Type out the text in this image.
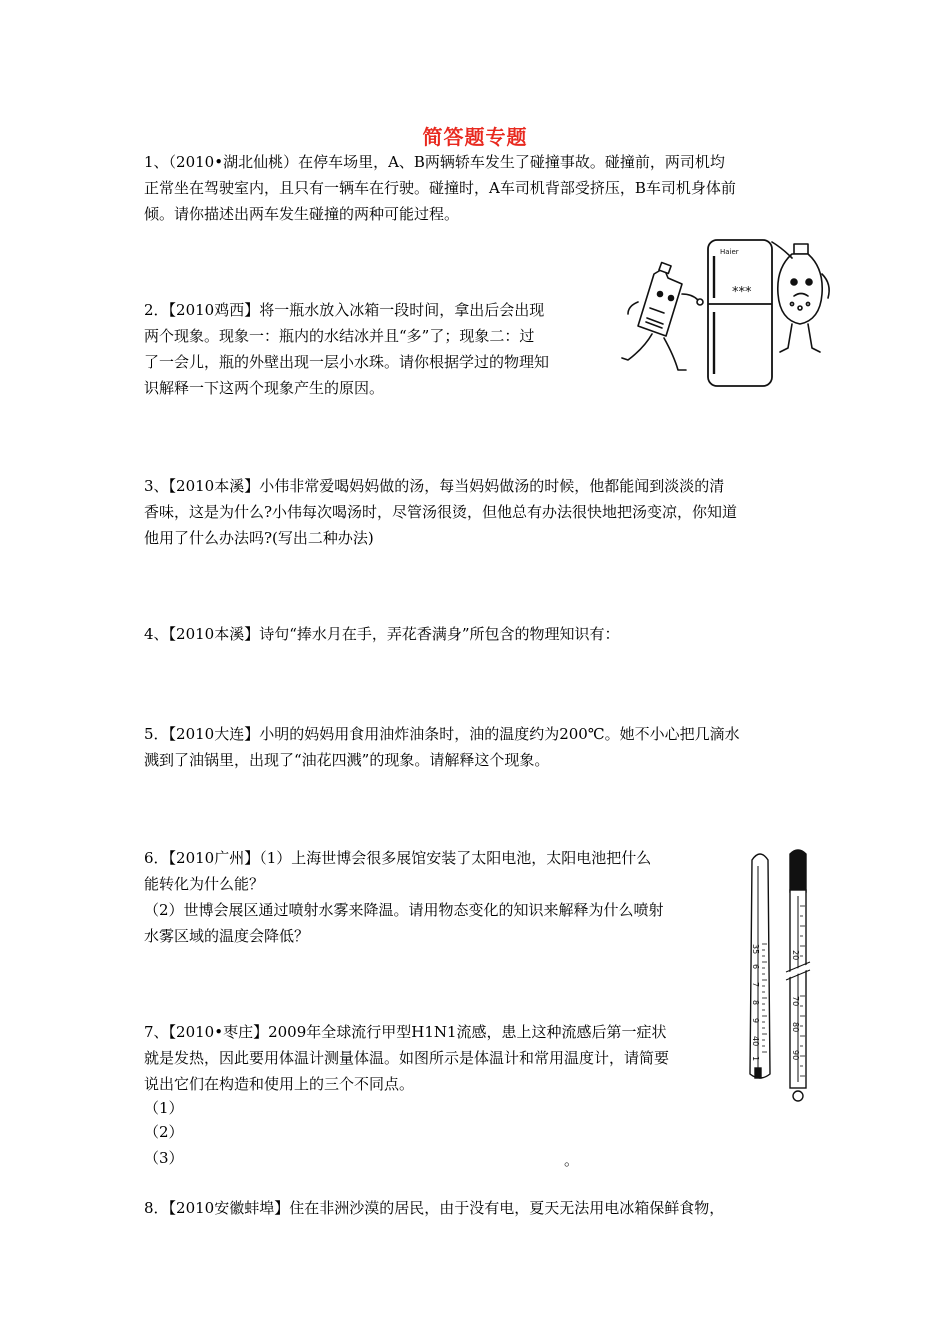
简答题专题
1、（2010•湖北仙桃）在停车场里，A、B两辆轿车发生了碰撞事故。碰撞前，两司机均
正常坐在驾驶室内，且只有一辆车在行驶。碰撞时，A车司机背部受挤压，B车司机身体前
倾。请你描述出两车发生碰撞的两种可能过程。
2．【2010鸡西】将一瓶水放入冰箱一段时间，拿出后会出现
两个现象。现象一：瓶内的水结冰并且“多”了；现象二：过
了一会儿，瓶的外壁出现一层小水珠。请你根据学过的物理知
识解释一下这两个现象产生的原因。
Haier
***
3、【2010本溪】小伟非常爱喝妈妈做的汤，每当妈妈做汤的时候，他都能闻到淡淡的清
香味，这是为什么?小伟每次喝汤时，尽管汤很烫，但他总有办法很快地把汤变凉，你知道
他用了什么办法吗?(写出二种办法)
4、【2010本溪】诗句“捧水月在手，弄花香满身”所包含的物理知识有：
5．【2010大连】小明的妈妈用食用油炸油条时，油的温度约为200℃。她不小心把几滴水
溅到了油锅里，出现了“油花四溅”的现象。请解释这个现象。
6．【2010广州】（1）上海世博会很多展馆安装了太阳电池，太阳电池把什么
能转化为什么能？
（2）世博会展区通过喷射水雾来降温。请用物态变化的知识来解释为什么喷射
水雾区域的温度会降低？
35
6
7
8
9
40
1
20
70
80
90
7、【2010•枣庄】2009年全球流行甲型H1N1流感，患上这种流感后第一症状
就是发热，因此要用体温计测量体温。如图所示是体温计和常用温度计，请简要
说出它们在构造和使用上的三个不同点。
（1）
（2）
（3）	。
8．【2010安徽蚌埠】住在非洲沙漠的居民，由于没有电，夏天无法用电冰箱保鲜食物，
